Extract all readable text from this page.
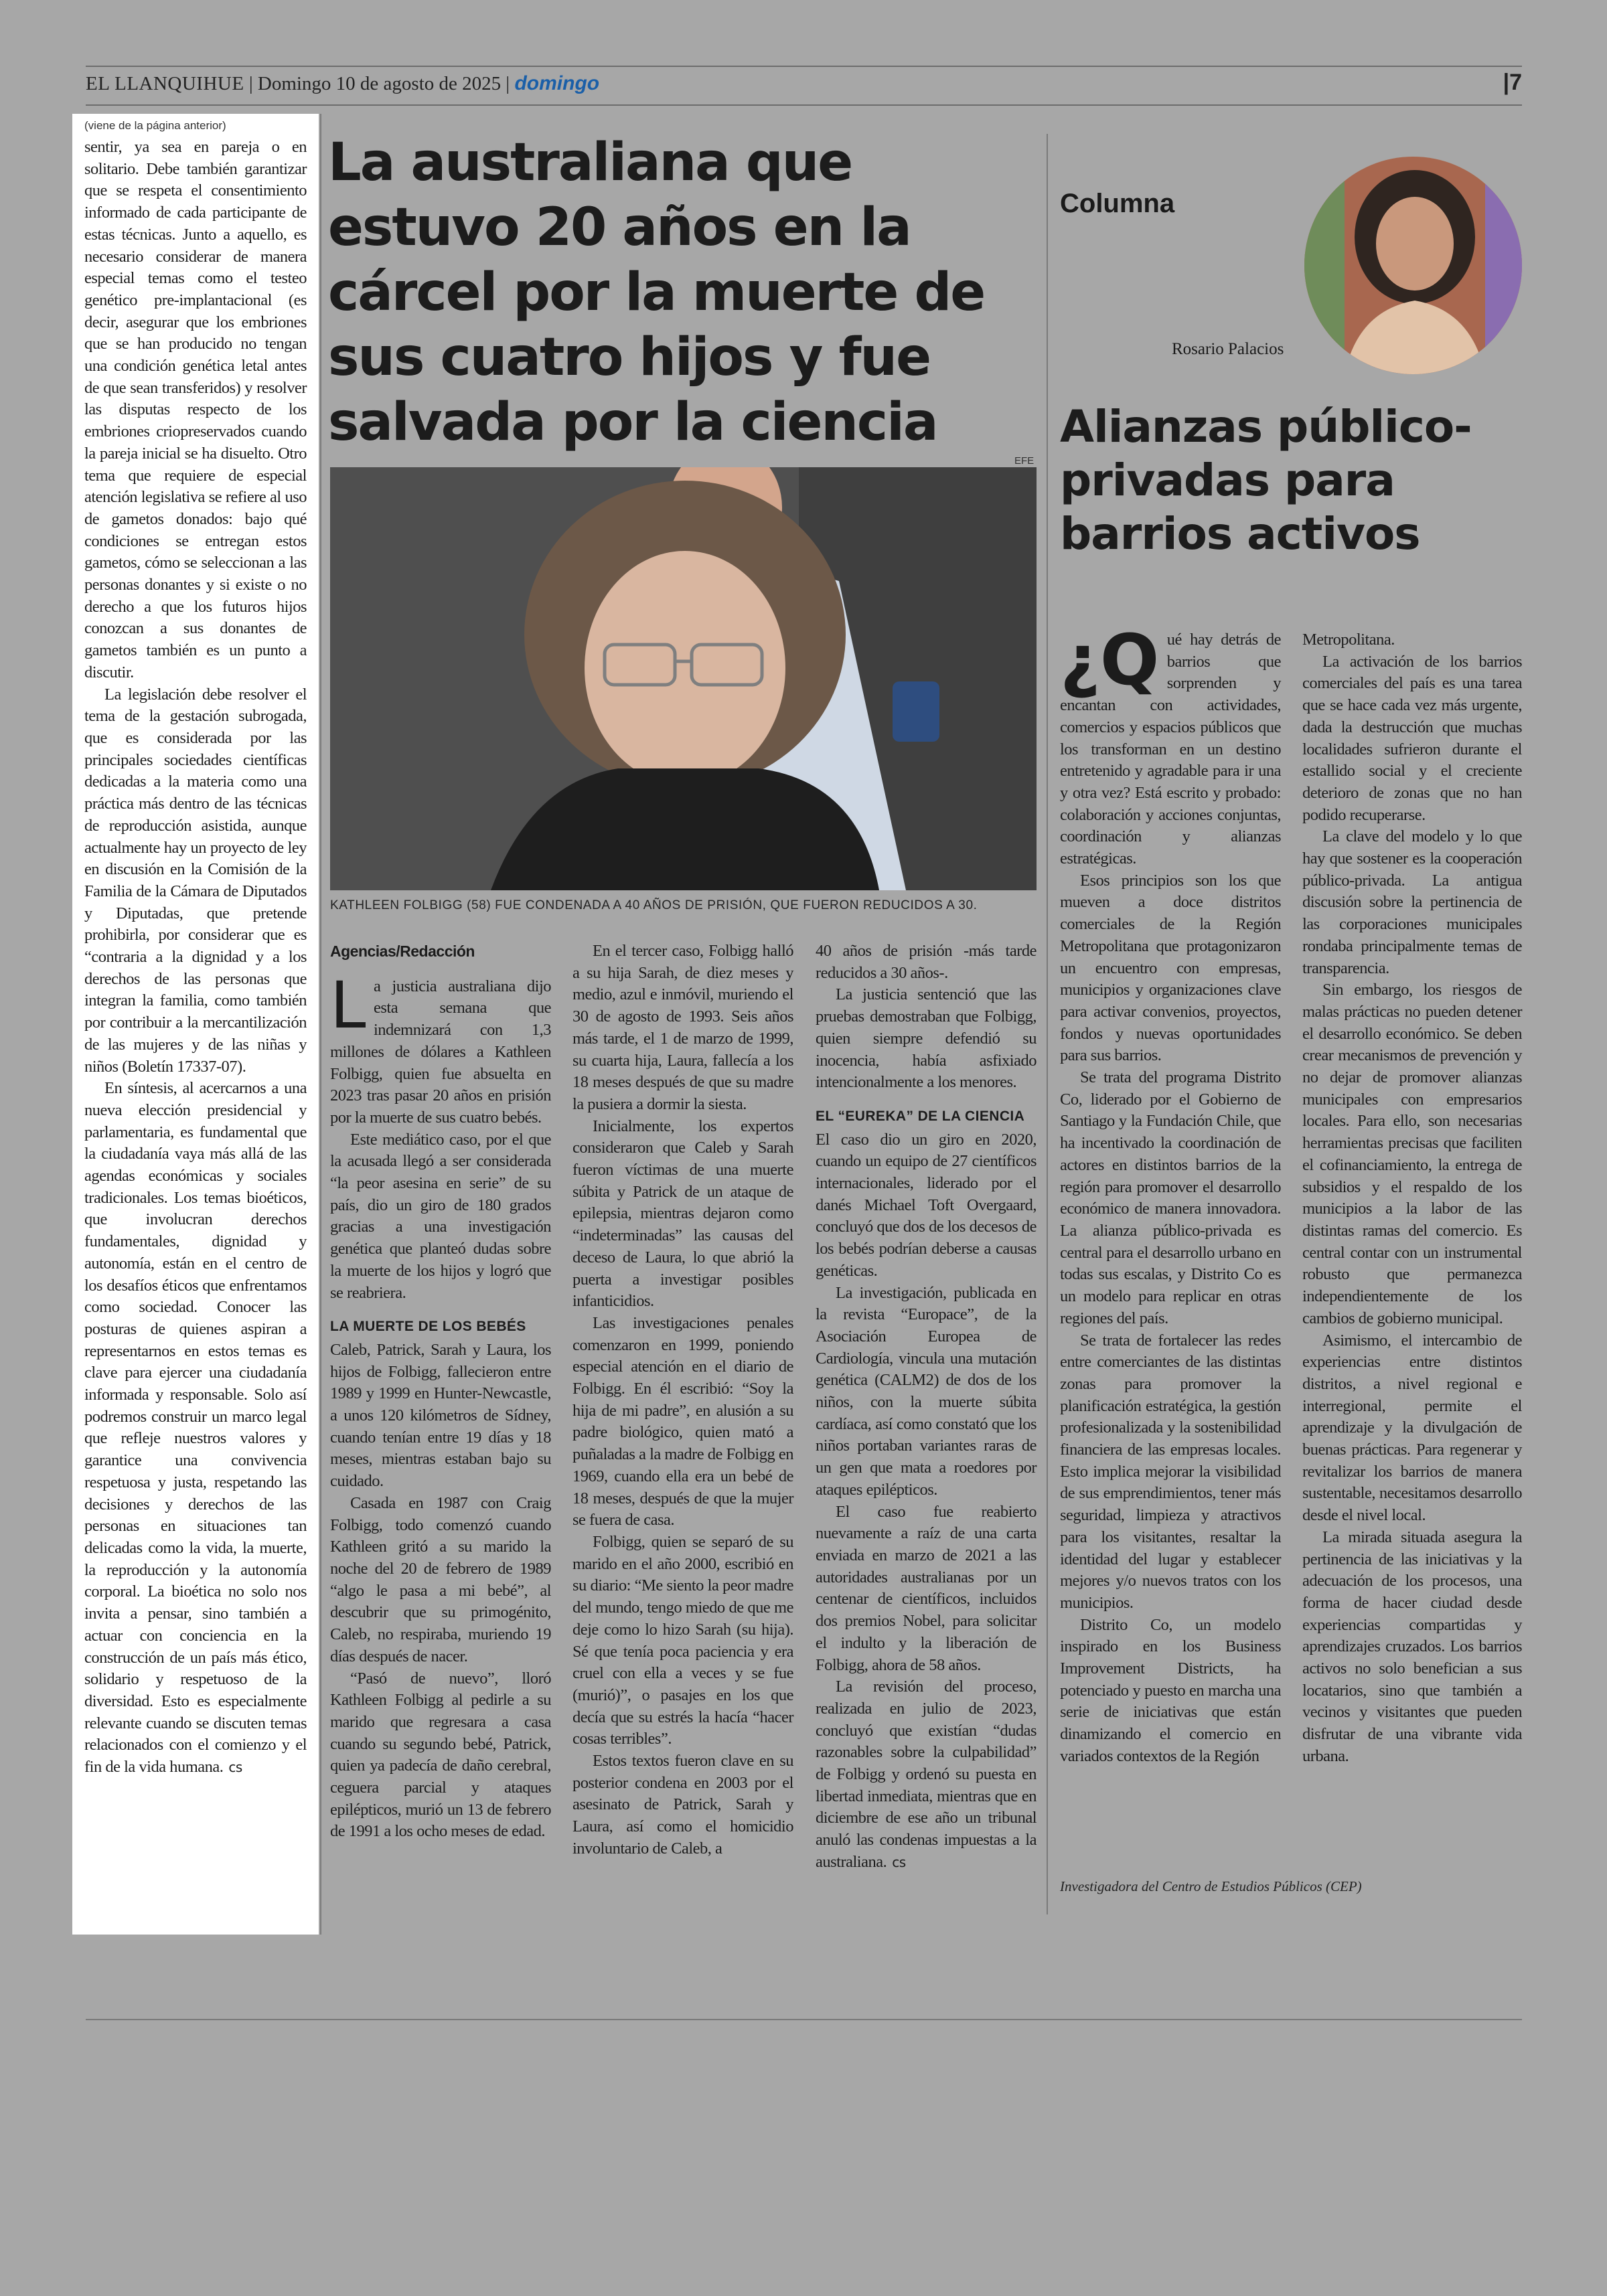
EL LLANQUIHUE | Domingo 10 de agosto de 2025 | domingo	|7
(viene de la página anterior)

sentir, ya sea en pareja o en solitario. Debe también garantizar que se respeta el consentimiento informado de cada participante de estas técnicas. Junto a aquello, es necesario considerar de manera especial temas como el testeo genético pre-implantacional (es decir, asegurar que los embriones que se han producido no tengan una condición genética letal antes de que sean transferidos) y resolver las disputas respecto de los embriones criopreservados cuando la pareja inicial se ha disuelto. Otro tema que requiere de especial atención legislativa se refiere al uso de gametos donados: bajo qué condiciones se entregan estos gametos, cómo se seleccionan a las personas donantes y si existe o no derecho a que los futuros hijos conozcan a sus donantes de gametos también es un punto a discutir.

La legislación debe resolver el tema de la gestación subrogada, que es considerada por las principales sociedades científicas dedicadas a la materia como una práctica más dentro de las técnicas de reproducción asistida, aunque actualmente hay un proyecto de ley en discusión en la Comisión de la Familia de la Cámara de Diputados y Diputadas, que pretende prohibirla, por considerar que es “contraria a la dignidad y a los derechos de las personas que integran la familia, como también por contribuir a la mercantilización de las mujeres y de las niñas y niños (Boletín 17337-07).

En síntesis, al acercarnos a una nueva elección presidencial y parlamentaria, es fundamental que la ciudadanía vaya más allá de las agendas económicas y sociales tradicionales. Los temas bioéticos, que involucran derechos fundamentales, dignidad y autonomía, están en el centro de los desafíos éticos que enfrentamos como sociedad. Conocer las posturas de quienes aspiran a representarnos en estos temas es clave para ejercer una ciudadanía informada y responsable. Solo así podremos construir un marco legal que refleje nuestros valores y garantice una convivencia respetuosa y justa, respetando las decisiones y derechos de las personas en situaciones tan delicadas como la vida, la muerte, la reproducción y la autonomía corporal. La bioética no solo nos invita a pensar, sino también a actuar con conciencia en la construcción de un país más ético, solidario y respetuoso de la diversidad. Esto es especialmente relevante cuando se discuten temas relacionados con el comienzo y el fin de la vida humana. cs

La australiana que estuvo 20 años en la cárcel por la muerte de sus cuatro hijos y fue salvada por la ciencia
EFE
KATHLEEN FOLBIGG (58) FUE CONDENADA A 40 AÑOS DE PRISIÓN, QUE FUERON REDUCIDOS A 30.
Agencias/Redacción

La justicia australiana dijo esta semana que indemnizará con 1,3 millones de dólares a Kathleen Folbigg, quien fue absuelta en 2023 tras pasar 20 años en prisión por la muerte de sus cuatro bebés.

Este mediático caso, por el que la acusada llegó a ser considerada “la peor asesina en serie” de su país, dio un giro de 180 grados gracias a una investigación genética que planteó dudas sobre la muerte de los hijos y logró que se reabriera.

LA MUERTE DE LOS BEBÉS

Caleb, Patrick, Sarah y Laura, los hijos de Folbigg, fallecieron entre 1989 y 1999 en Hunter-Newcastle, a unos 120 kilómetros de Sídney, cuando tenían entre 19 días y 18 meses, mientras estaban bajo su cuidado.

Casada en 1987 con Craig Folbigg, todo comenzó cuando Kathleen gritó a su marido la noche del 20 de febrero de 1989 “algo le pasa a mi bebé”, al descubrir que su primogénito, Caleb, no respiraba, muriendo 19 días después de nacer.

“Pasó de nuevo”, lloró Kathleen Folbigg al pedirle a su marido que regresara a casa cuando su segundo bebé, Patrick, quien ya padecía de daño cerebral, ceguera parcial y ataques epilépticos, murió un 13 de febrero de 1991 a los ocho meses de edad.

En el tercer caso, Folbigg halló a su hija Sarah, de diez meses y medio, azul e inmóvil, muriendo el 30 de agosto de 1993. Seis años más tarde, el 1 de marzo de 1999, su cuarta hija, Laura, fallecía a los 18 meses después de que su madre la pusiera a dormir la siesta.

Inicialmente, los expertos consideraron que Caleb y Sarah fueron víctimas de una muerte súbita y Patrick de un ataque de epilepsia, mientras dejaron como “indeterminadas” las causas del deceso de Laura, lo que abrió la puerta a investigar posibles infanticidios.

Las investigaciones penales comenzaron en 1999, poniendo especial atención en el diario de Folbigg. En él escribió: “Soy la hija de mi padre”, en alusión a su padre biológico, quien mató a puñaladas a la madre de Folbigg en 1969, cuando ella era un bebé de 18 meses, después de que la mujer se fuera de casa.

Folbigg, quien se separó de su marido en el año 2000, escribió en su diario: “Me siento la peor madre del mundo, tengo miedo de que me deje como lo hizo Sarah (su hija). Sé que tenía poca paciencia y era cruel con ella a veces y se fue (murió)”, o pasajes en los que decía que su estrés la hacía “hacer cosas terribles”.

Estos textos fueron clave en su posterior condena en 2003 por el asesinato de Patrick, Sarah y Laura, así como el homicidio involuntario de Caleb, a

40 años de prisión -más tarde reducidos a 30 años-.

La justicia sentenció que las pruebas demostraban que Folbigg, quien siempre defendió su inocencia, había asfixiado intencionalmente a los menores.

EL “EUREKA” DE LA CIENCIA

El caso dio un giro en 2020, cuando un equipo de 27 científicos internacionales, liderado por el danés Michael Toft Overgaard, concluyó que dos de los decesos de los bebés podrían deberse a causas genéticas.

La investigación, publicada en la revista “Europace”, de la Asociación Europea de Cardiología, vincula una mutación genética (CALM2) de dos de los niños, con la muerte súbita cardíaca, así como constató que los niños portaban variantes raras de un gen que mata a roedores por ataques epilépticos.

El caso fue reabierto nuevamente a raíz de una carta enviada en marzo de 2021 a las autoridades australianas por un centenar de científicos, incluidos dos premios Nobel, para solicitar el indulto y la liberación de Folbigg, ahora de 58 años.

La revisión del proceso, realizada en julio de 2023, concluyó que existían “dudas razonables sobre la culpabilidad” de Folbigg y ordenó su puesta en libertad inmediata, mientras que en diciembre de ese año un tribunal anuló las condenas impuestas a la australiana. cs

Columna
Rosario Palacios
Alianzas público-privadas para barrios activos

¿Q ué hay detrás de barrios que sorprenden y encantan con actividades, comercios y espacios públicos que los transforman en un destino entretenido y agradable para ir una y otra vez? Está escrito y probado: colaboración y acciones conjuntas, coordinación y alianzas estratégicas.

Esos principios son los que mueven a doce distritos comerciales de la Región Metropolitana que protagonizaron un encuentro con empresas, municipios y organizaciones clave para activar convenios, proyectos, fondos y nuevas oportunidades para sus barrios.

Se trata del programa Distrito Co, liderado por el Gobierno de Santiago y la Fundación Chile, que ha incentivado la coordinación de actores en distintos barrios de la región para promover el desarrollo económico de manera innovadora. La alianza público-privada es central para el desarrollo urbano en todas sus escalas, y Distrito Co es un modelo para replicar en otras regiones del país.

Se trata de fortalecer las redes entre comerciantes de las distintas zonas para promover la planificación estratégica, la gestión profesionalizada y la sostenibilidad financiera de las empresas locales. Esto implica mejorar la visibilidad de sus emprendimientos, tener más seguridad, limpieza y atractivos para los visitantes, resaltar la identidad del lugar y establecer mejores y/o nuevos tratos con los municipios.

Distrito Co, un modelo inspirado en los Business Improvement Districts, ha potenciado y puesto en marcha una serie de iniciativas que están dinamizando el comercio en variados contextos de la Región

Metropolitana.

La activación de los barrios comerciales del país es una tarea que se hace cada vez más urgente, dada la destrucción que muchas localidades sufrieron durante el estallido social y el creciente deterioro de zonas que no han podido recuperarse.

La clave del modelo y lo que hay que sostener es la cooperación público-privada. La antigua discusión sobre la pertinencia de las corporaciones municipales rondaba principalmente temas de transparencia.

Sin embargo, los riesgos de malas prácticas no pueden detener el desarrollo económico. Se deben crear mecanismos de prevención y no dejar de promover alianzas municipales con empresarios locales. Para ello, son necesarias herramientas precisas que faciliten el cofinanciamiento, la entrega de subsidios y el respaldo de los municipios a la labor de las distintas ramas del comercio. Es central contar con un instrumental robusto que permanezca independientemente de los cambios de gobierno municipal.

Asimismo, el intercambio de experiencias entre distintos distritos, a nivel regional e interregional, permite el aprendizaje y la divulgación de buenas prácticas. Para regenerar y revitalizar los barrios de manera sustentable, necesitamos desarrollo desde el nivel local.

La mirada situada asegura la pertinencia de las iniciativas y la adecuación de los procesos, una forma de hacer ciudad desde experiencias compartidas y aprendizajes cruzados. Los barrios activos no solo benefician a sus locatarios, sino que también a vecinos y visitantes que pueden disfrutar de una vibrante vida urbana.

Investigadora del Centro de Estudios Públicos (CEP)
